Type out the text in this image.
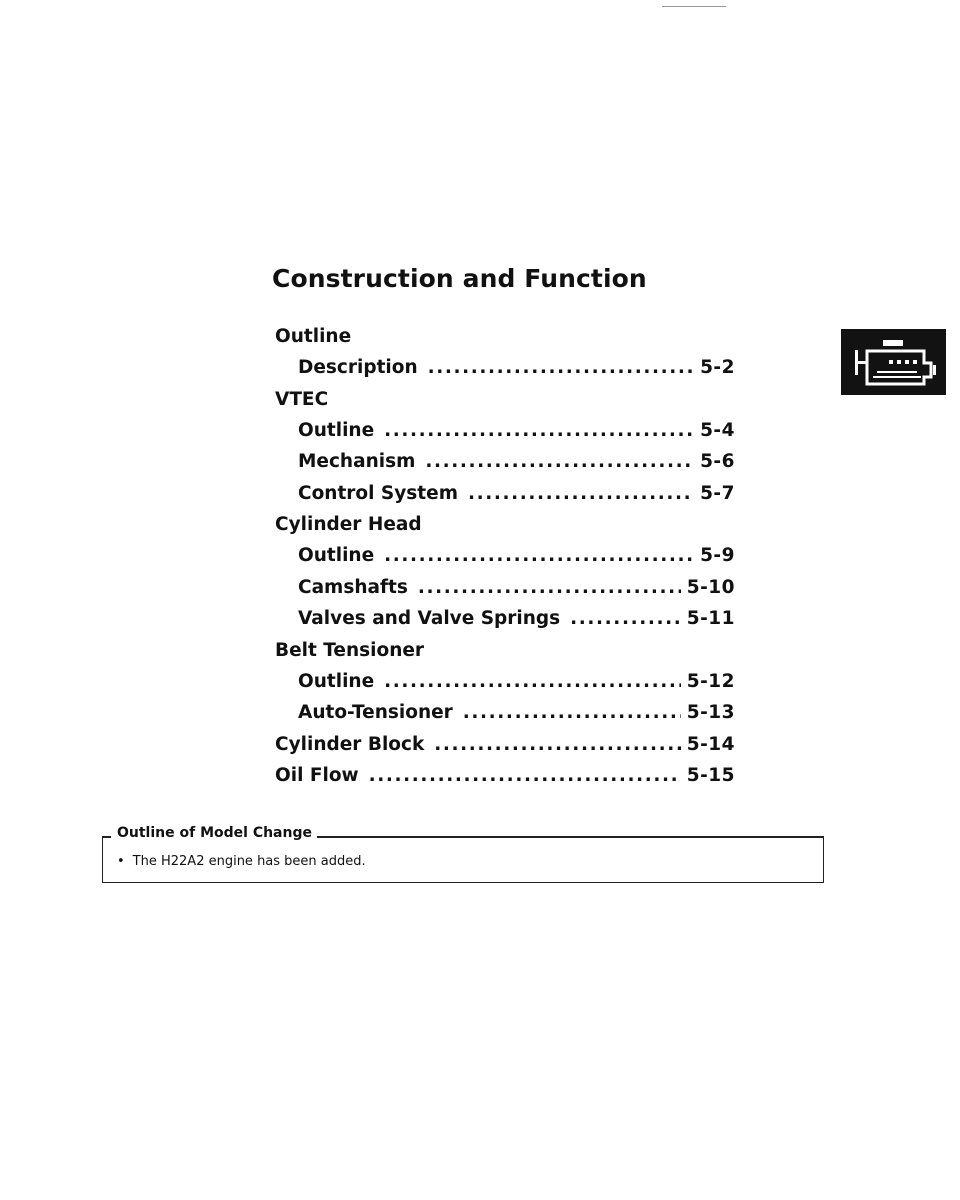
Construction and Function
Outline
Description .....	5-2
VTEC
Outline .....	5-4
Mechanism .....	5-6
Control System .....	5-7
Cylinder Head
Outline .....	5-9
Camshafts .....	5-10
Valves and Valve Springs .....	5-11
Belt Tensioner
Outline .....	5-12
Auto-Tensioner .....	5-13
Cylinder Block .....	5-14
Oil Flow .....	5-15
Outline of Model Change
• The H22A2 engine has been added.
